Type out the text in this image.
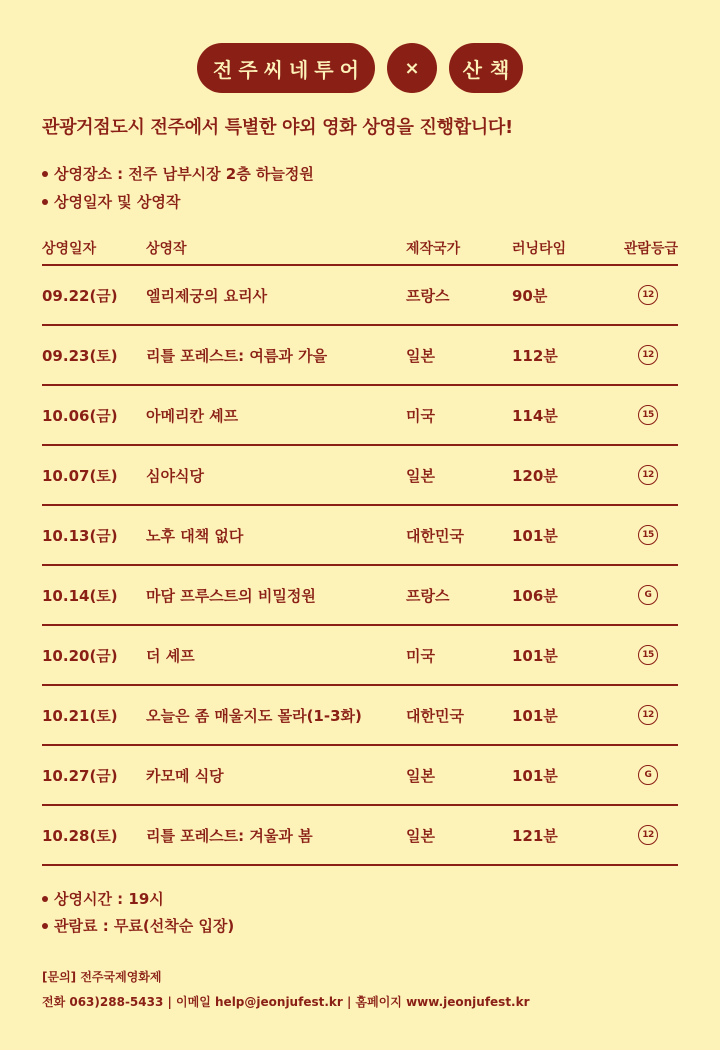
전주씨네투어	×	산책
관광거점도시 전주에서 특별한 야외 영화 상영을 진행합니다!
상영장소 : 전주 남부시장 2층 하늘정원
상영일자 및 상영작
상영일자	상영작	제작국가	러닝타임	관람등급
09.22(금)	엘리제궁의 요리사	프랑스	90분	12
09.23(토)	리틀 포레스트: 여름과 가을	일본	112분	12
10.06(금)	아메리칸 셰프	미국	114분	15
10.07(토)	심야식당	일본	120분	12
10.13(금)	노후 대책 없다	대한민국	101분	15
10.14(토)	마담 프루스트의 비밀정원	프랑스	106분	G
10.20(금)	더 셰프	미국	101분	15
10.21(토)	오늘은 좀 매울지도 몰라(1-3화)	대한민국	101분	12
10.27(금)	카모메 식당	일본	101분	G
10.28(토)	리틀 포레스트: 겨울과 봄	일본	121분	12
상영시간 : 19시
관람료 : 무료(선착순 입장)
[문의] 전주국제영화제
전화 063)288-5433 | 이메일 help@jeonjufest.kr | 홈페이지 www.jeonjufest.kr
